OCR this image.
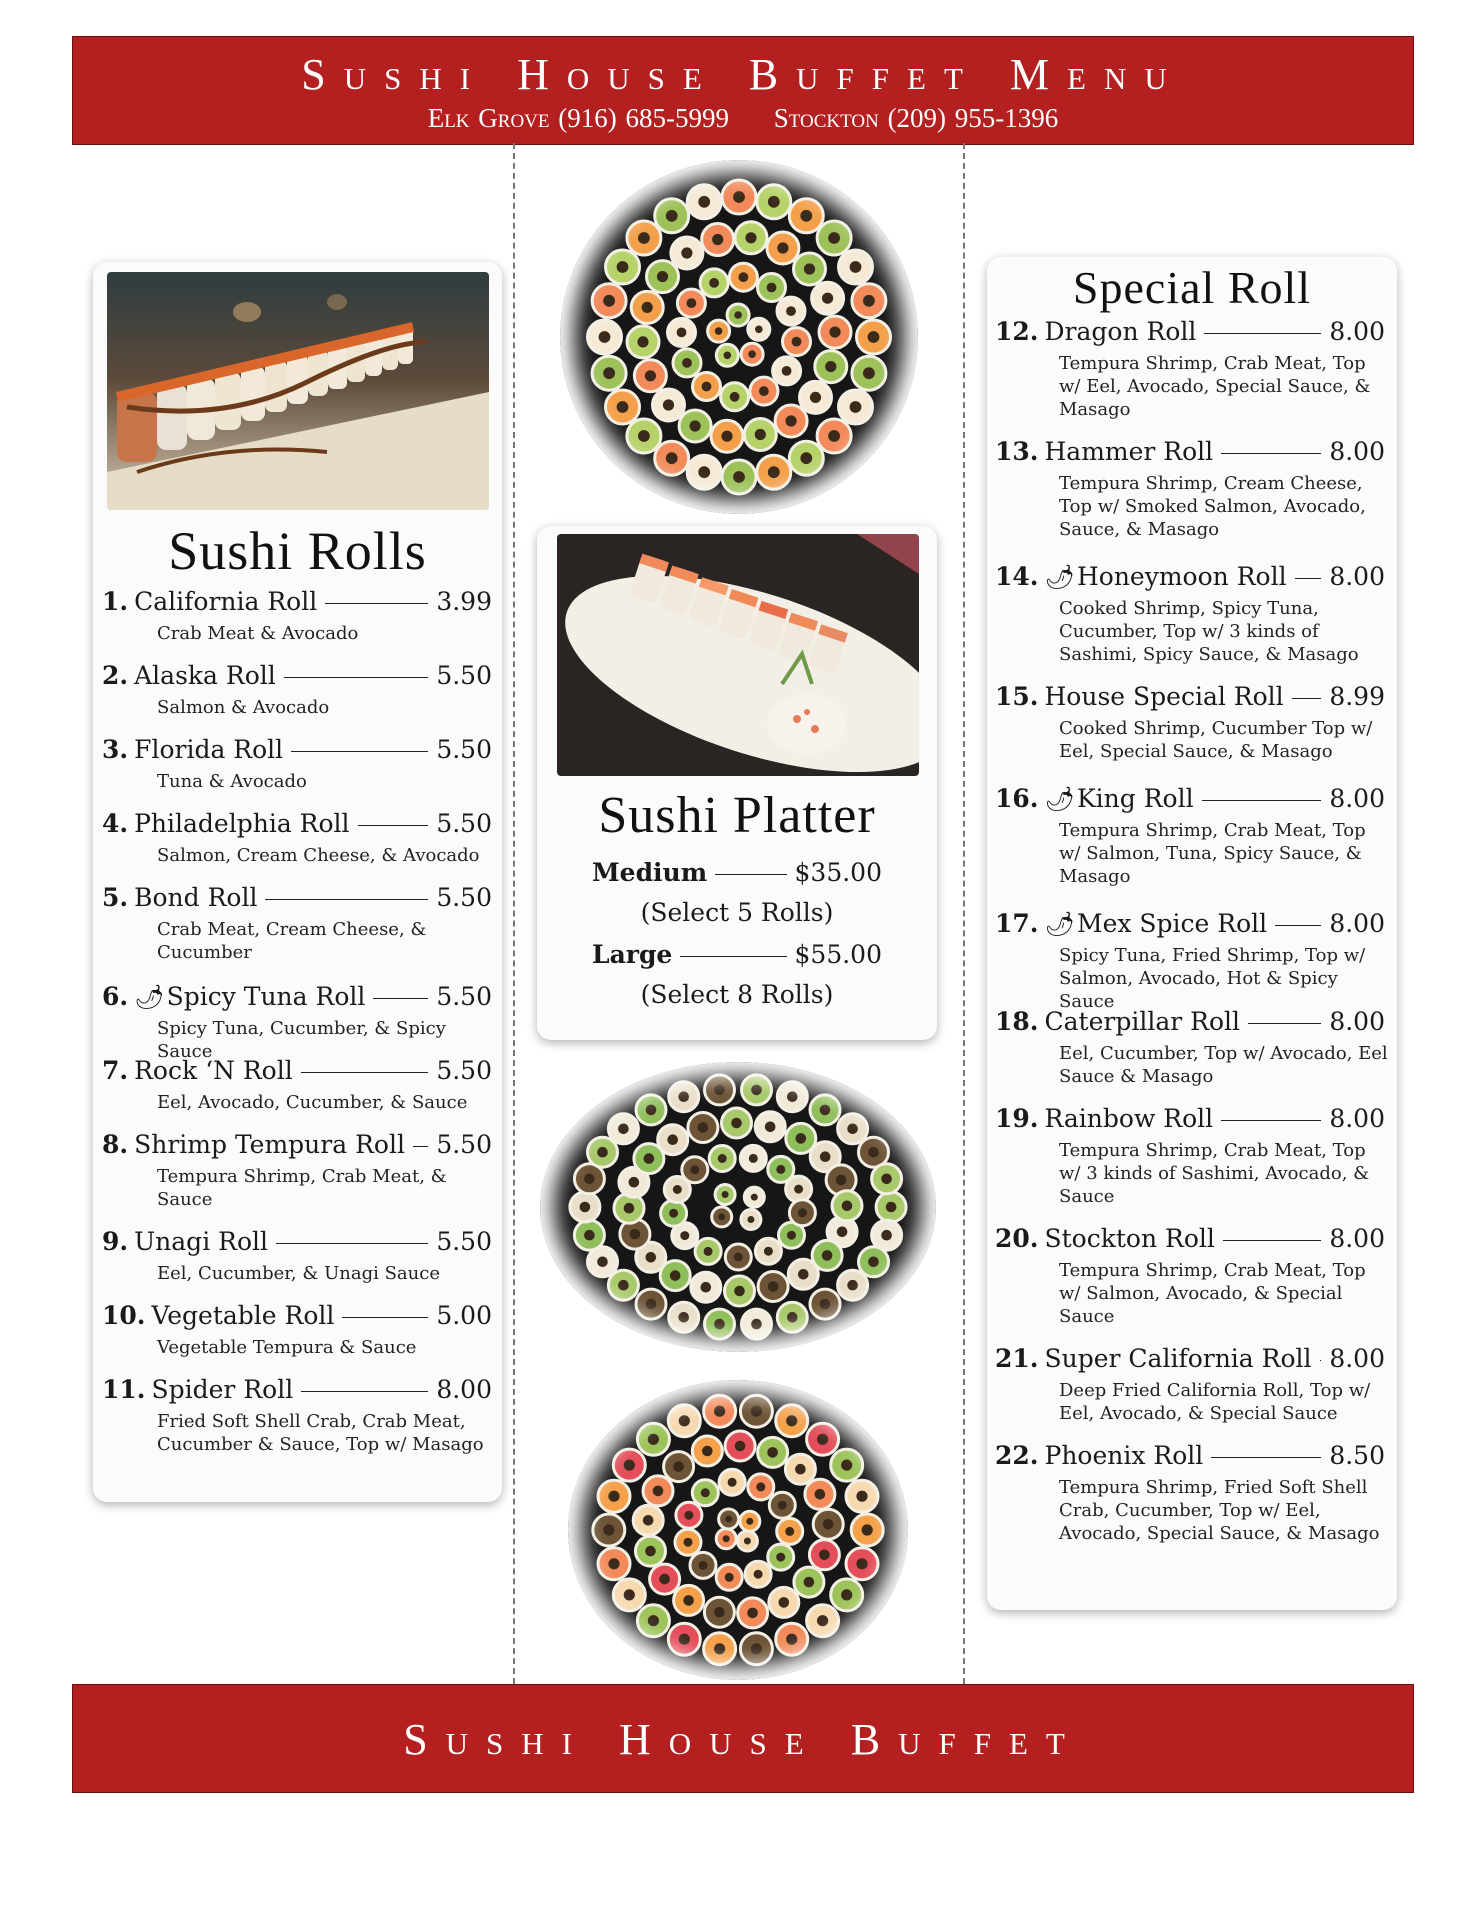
Sushi House Buffet Menu
Elk Grove (916) 685-5999 Stockton (209) 955-1396
Sushi Rolls
1. California Roll	3.99
Crab Meat & Avocado
2. Alaska Roll	5.50
Salmon & Avocado
3. Florida Roll	5.50
Tuna & Avocado
4. Philadelphia Roll	5.50
Salmon, Cream Cheese, & Avocado
5. Bond Roll	5.50
Crab Meat, Cream Cheese, & Cucumber
6. 🌶 Spicy Tuna Roll	5.50
Spicy Tuna, Cucumber, & Spicy Sauce
7. Rock ‘N Roll	5.50
Eel, Avocado, Cucumber, & Sauce
8. Shrimp Tempura Roll 5.50
Tempura Shrimp, Crab Meat, & Sauce
9. Unagi Roll	5.50
Eel, Cucumber, & Unagi Sauce
10. Vegetable Roll	5.00
Vegetable Tempura & Sauce
11. Spider Roll	8.00
Fried Soft Shell Crab, Crab Meat, Cucumber & Sauce, Top w/ Masago
Sushi Platter
Medium	$35.00
(Select 5 Rolls)
Large	$55.00
(Select 8 Rolls)
Special Roll
12. Dragon Roll	8.00
Tempura Shrimp, Crab Meat, Top w/ Eel, Avocado, Special Sauce, & Masago
13. Hammer Roll	8.00
Tempura Shrimp, Cream Cheese, Top w/ Smoked Salmon, Avocado, Sauce, & Masago
14. 🌶 Honeymoon Roll 8.00
Cooked Shrimp, Spicy Tuna, Cucumber, Top w/ 3 kinds of Sashimi, Spicy Sauce, & Masago
15. House Special Roll 8.99
Cooked Shrimp, Cucumber Top w/ Eel, Special Sauce, & Masago
16. 🌶 King Roll	8.00
Tempura Shrimp, Crab Meat, Top w/ Salmon, Tuna, Spicy Sauce, & Masago
17. 🌶 Mex Spice Roll 8.00
Spicy Tuna, Fried Shrimp, Top w/ Salmon, Avocado, Hot & Spicy Sauce
18. Caterpillar Roll	8.00
Eel, Cucumber, Top w/ Avocado, Eel Sauce & Masago
19. Rainbow Roll	8.00
Tempura Shrimp, Crab Meat, Top w/ 3 kinds of Sashimi, Avocado, & Sauce
20. Stockton Roll	8.00
Tempura Shrimp, Crab Meat, Top w/ Salmon, Avocado, & Special Sauce
21. Super California Roll 8.00
Deep Fried California Roll, Top w/ Eel, Avocado, & Special Sauce
22. Phoenix Roll	8.50
Tempura Shrimp, Fried Soft Shell Crab, Cucumber, Top w/ Eel, Avocado, Special Sauce, & Masago
Sushi House Buffet
